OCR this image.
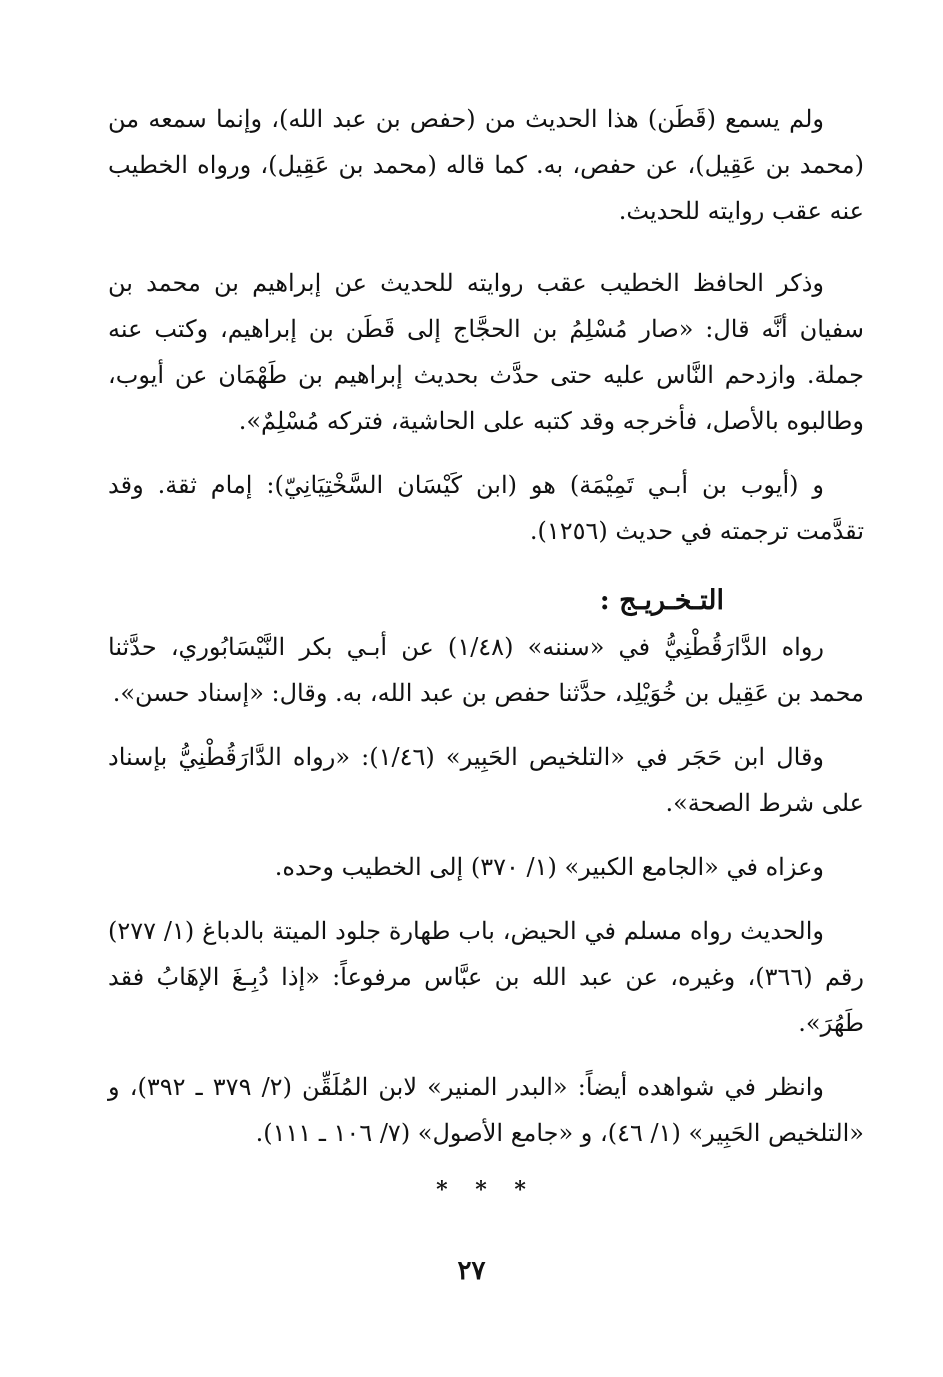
ولم يسمع (قَطَن) هذا الحديث من (حفص بن عبد الله)، وإنما سمعه من (محمد بن عَقِيل)، عن حفص، به. كما قاله (محمد بن عَقِيل)، ورواه الخطيب عنه عقب روايته للحديث.

وذكر الحافظ الخطيب عقب روايته للحديث عن إبراهيم بن محمد بن سفيان أنَّه قال: «صار مُسْلِمُ بن الحجَّاج إلى قَطَن بن إبراهيم، وكتب عنه جملة. وازدحم النَّاس عليه حتى حدَّث بحديث إبراهيم بن طَهْمَان عن أيوب، وطالبوه بالأصل، فأخرجه وقد كتبه على الحاشية، فتركه مُسْلِمٌ».

و (أيوب بن أبـي تَمِيْمَة) هو (ابن كَيْسَان السَّخْتِيَانِيّ): إمام ثقة. وقد تقدَّمت ترجمته في حديث (١٢٥٦).

التـخـريـج :

رواه الدَّارَقُطْنِيُّ في «سننه» (١/٤٨) عن أبـي بكر النَّيْسَابُوري، حدَّثنا محمد بن عَقِيل بن خُوَيْلِد، حدَّثنا حفص بن عبد الله، به. وقال: «إسناد حسن».

وقال ابن حَجَر في «التلخيص الحَبِير» (١/٤٦): «رواه الدَّارَقُطْنِيُّ بإسناد على شرط الصحة».

وعزاه في «الجامع الكبير» (١/ ٣٧٠) إلى الخطيب وحده.

والحديث رواه مسلم في الحيض، باب طهارة جلود الميتة بالدباغ (١/ ٢٧٧) رقم (٣٦٦)، وغيره، عن عبد الله بن عبَّاس مرفوعاً: «إذا دُبِـغَ الإهَابُ فقد طَهُرَ».

وانظر في شواهده أيضاً: «البدر المنير» لابن المُلَقِّن (٢/ ٣٧٩ ـ ٣٩٢)، و «التلخيص الحَبِير» (١/ ٤٦)، و «جامع الأصول» (٧/ ١٠٦ ـ ١١١).

* * *
٢٧
